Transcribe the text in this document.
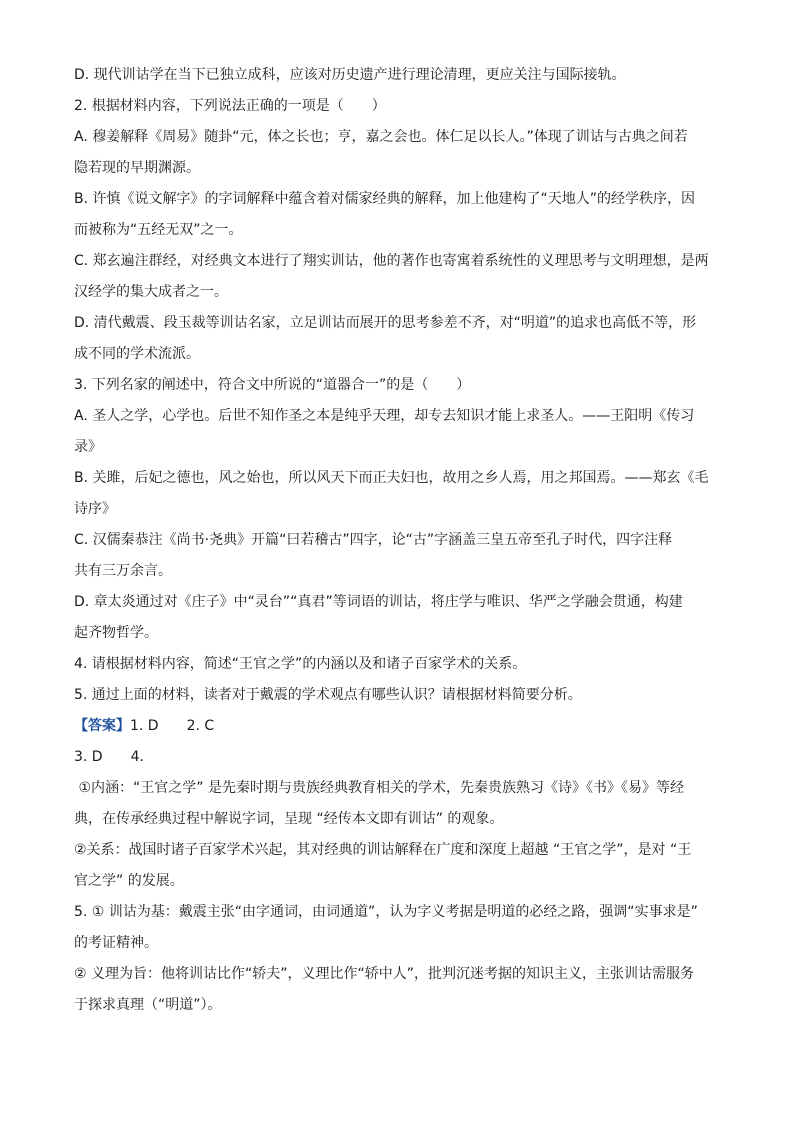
D. 现代训诂学在当下已独立成科，应该对历史遗产进行理论清理，更应关注与国际接轨。

2. 根据材料内容，下列说法正确的一项是（　　）

A. 穆姜解释《周易》随卦“元，体之长也；亨，嘉之会也。体仁足以长人。”体现了训诂与古典之间若

隐若现的早期渊源。

B. 许慎《说文解字》的字词解释中蕴含着对儒家经典的解释，加上他建构了“天地人”的经学秩序，因

而被称为“五经无双”之一。

C. 郑玄遍注群经，对经典文本进行了翔实训诂，他的著作也寄寓着系统性的义理思考与文明理想，是两

汉经学的集大成者之一。

D. 清代戴震、段玉裁等训诂名家，立足训诂而展开的思考参差不齐，对“明道”的追求也高低不等，形

成不同的学术流派。

3. 下列名家的阐述中，符合文中所说的“道器合一”的是（　　）

A. 圣人之学，心学也。后世不知作圣之本是纯乎天理，却专去知识才能上求圣人。——王阳明《传习

录》

B. 关雎，后妃之德也，风之始也，所以风天下而正夫妇也，故用之乡人焉，用之邦国焉。——郑玄《毛

诗序》

C. 汉儒秦恭注《尚书·尧典》开篇“曰若稽古”四字，论“古”字涵盖三皇五帝至孔子时代，四字注释

共有三万余言。

D. 章太炎通过对《庄子》中“灵台”“真君”等词语的训诂，将庄学与唯识、华严之学融会贯通，构建

起齐物哲学。

4. 请根据材料内容，简述“王官之学”的内涵以及和诸子百家学术的关系。

5. 通过上面的材料，读者对于戴震的学术观点有哪些认识？请根据材料简要分析。

【答案】1. D　　2. C

3. D　　4.

①内涵：“王官之学” 是先秦时期与贵族经典教育相关的学术，先秦贵族熟习《诗》《书》《易》等经

典，在传承经典过程中解说字词，呈现 “经传本文即有训诂” 的观象。

②关系：战国时诸子百家学术兴起，其对经典的训诂解释在广度和深度上超越 “王官之学”，是对 “王

官之学” 的发展。

5. ① 训诂为基：戴震主张“由字通词，由词通道”，认为字义考据是明道的必经之路，强调“实事求是”

的考证精神。

② 义理为旨：他将训诂比作“轿夫”，义理比作“轿中人”，批判沉迷考据的知识主义，主张训诂需服务

于探求真理（“明道”）。
